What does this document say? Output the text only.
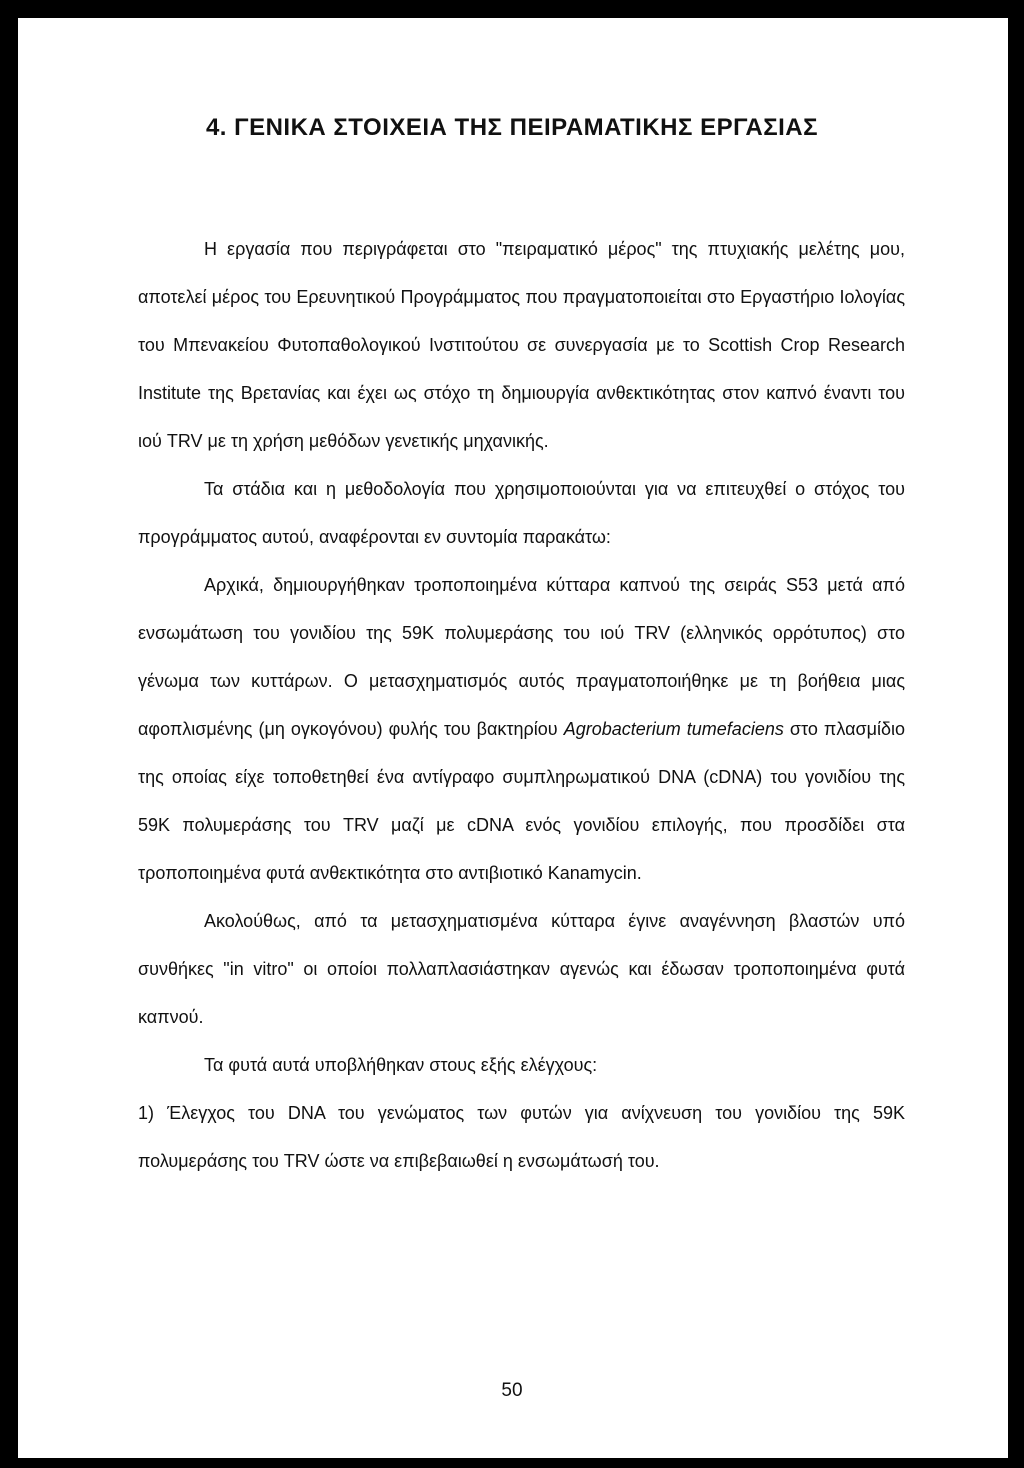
4. ΓΕΝΙΚΑ ΣΤΟΙΧΕΙΑ ΤΗΣ ΠΕΙΡΑΜΑΤΙΚΗΣ ΕΡΓΑΣΙΑΣ

Η εργασία που περιγράφεται στο "πειραματικό μέρος" της πτυχιακής μελέτης μου, αποτελεί μέρος του Ερευνητικού Προγράμματος που πραγματοποιείται στο Εργαστήριο Ιολογίας του Μπενακείου Φυτοπαθολογικού Ινστιτούτου σε συνεργασία με το Scottish Crop Research Institute της Βρετανίας και έχει ως στόχο τη δημιουργία ανθεκτικότητας στον καπνό έναντι του ιού TRV με τη χρήση μεθόδων γενετικής μηχανικής.

Τα στάδια και η μεθοδολογία που χρησιμοποιούνται για να επιτευχθεί ο στόχος του προγράμματος αυτού, αναφέρονται εν συντομία παρακάτω:

Αρχικά, δημιουργήθηκαν τροποποιημένα κύτταρα καπνού της σειράς S53 μετά από ενσωμάτωση του γονιδίου της 59Κ πολυμεράσης του ιού TRV (ελληνικός ορρότυπος) στο γένωμα των κυττάρων. Ο μετασχηματισμός αυτός πραγματοποιήθηκε με τη βοήθεια μιας αφοπλισμένης (μη ογκογόνου) φυλής του βακτηρίου Agrobacterium tumefaciens στο πλασμίδιο της οποίας είχε τοποθετηθεί ένα αντίγραφο συμπληρωματικού DNA (cDNA) του γονιδίου της 59Κ πολυμεράσης του TRV μαζί με cDNA ενός γονιδίου επιλογής, που προσδίδει στα τροποποιημένα φυτά ανθεκτικότητα στο αντιβιοτικό Kanamycin.

Ακολούθως, από τα μετασχηματισμένα κύτταρα έγινε αναγέννηση βλαστών υπό συνθήκες "in vitro" οι οποίοι πολλαπλασιάστηκαν αγενώς και έδωσαν τροποποιημένα φυτά καπνού.

Τα φυτά αυτά υποβλήθηκαν στους εξής ελέγχους:

1) Έλεγχος του DNA του γενώματος των φυτών για ανίχνευση του γονιδίου της 59Κ πολυμεράσης του TRV ώστε να επιβεβαιωθεί η ενσωμάτωσή του.

50
